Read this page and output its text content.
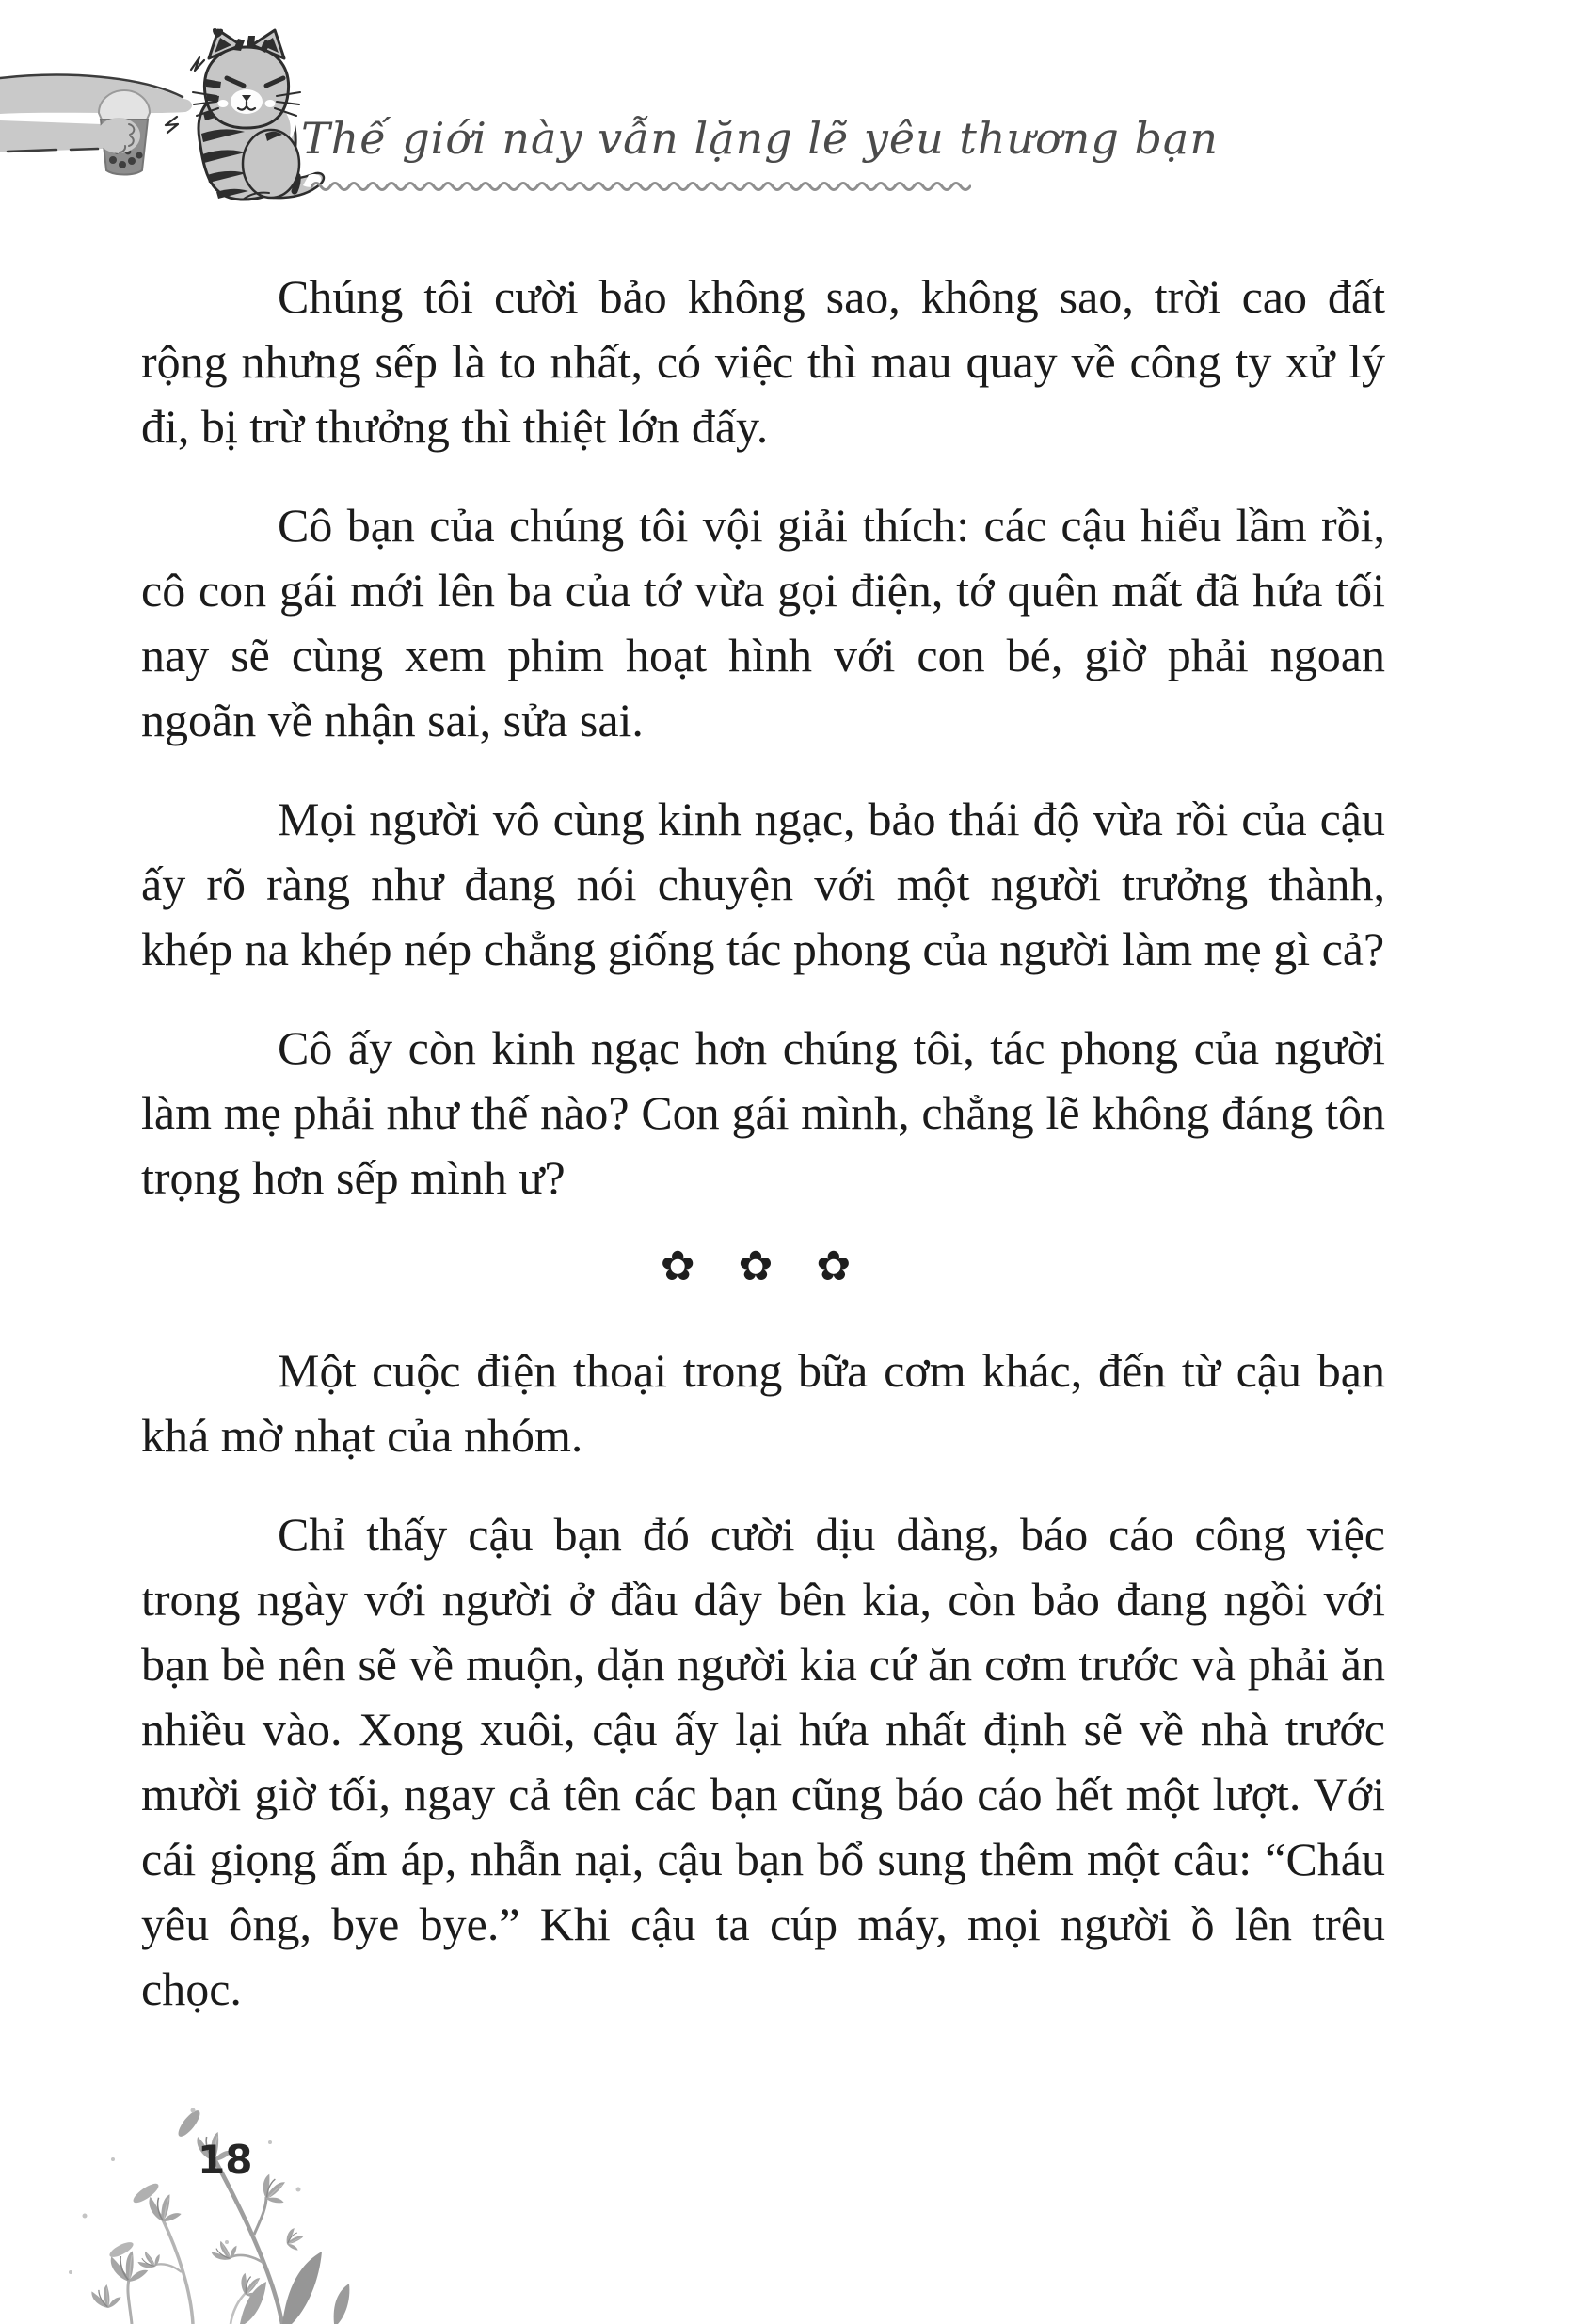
Thế giới này vẫn lặng lẽ yêu thương bạn

Chúng tôi cười bảo không sao, không sao, trời cao đất rộng nhưng sếp là to nhất, có việc thì mau quay về công ty xử lý đi, bị trừ thưởng thì thiệt lớn đấy.

Cô bạn của chúng tôi vội giải thích: các cậu hiểu lầm rồi, cô con gái mới lên ba của tớ vừa gọi điện, tớ quên mất đã hứa tối nay sẽ cùng xem phim hoạt hình với con bé, giờ phải ngoan ngoãn về nhận sai, sửa sai.

Mọi người vô cùng kinh ngạc, bảo thái độ vừa rồi của cậu ấy rõ ràng như đang nói chuyện với một người trưởng thành, khép na khép nép chẳng giống tác phong của người làm mẹ gì cả?

Cô ấy còn kinh ngạc hơn chúng tôi, tác phong của người làm mẹ phải như thế nào? Con gái mình, chẳng lẽ không đáng tôn trọng hơn sếp mình ư?

✿ ✿ ✿

Một cuộc điện thoại trong bữa cơm khác, đến từ cậu bạn khá mờ nhạt của nhóm.

Chỉ thấy cậu bạn đó cười dịu dàng, báo cáo công việc trong ngày với người ở đầu dây bên kia, còn bảo đang ngồi với bạn bè nên sẽ về muộn, dặn người kia cứ ăn cơm trước và phải ăn nhiều vào. Xong xuôi, cậu ấy lại hứa nhất định sẽ về nhà trước mười giờ tối, ngay cả tên các bạn cũng báo cáo hết một lượt. Với cái giọng ấm áp, nhẫn nại, cậu bạn bổ sung thêm một câu: “Cháu yêu ông, bye bye.” Khi cậu ta cúp máy, mọi người ồ lên trêu chọc.

18
